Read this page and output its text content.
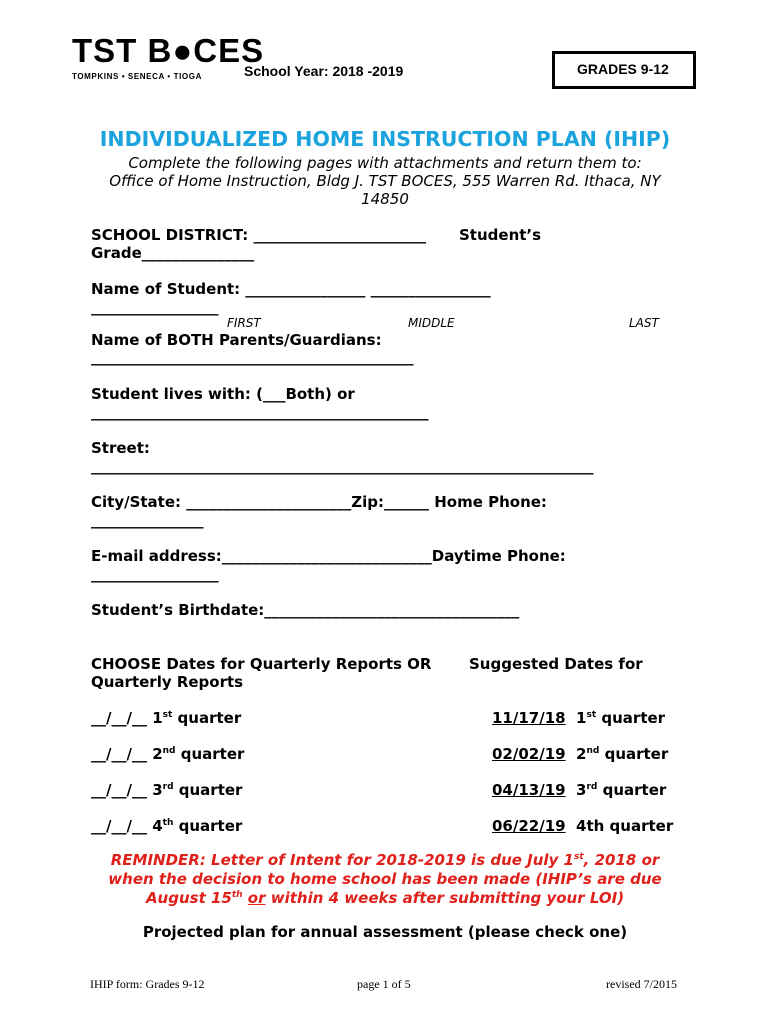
TST B●CES
TOMPKINS • SENECA • TIOGA	School Year: 2018 -2019	GRADES 9-12
INDIVIDUALIZED HOME INSTRUCTION PLAN (IHIP)
Complete the following pages with attachments and return them to:
Office of Home Instruction, Bldg J. TST BOCES, 555 Warren Rd. Ithaca, NY
14850
SCHOOL DISTRICT: _______________________ Student’s
Grade_______________
Name of Student: ________________ ________________
_________________
FIRST	MIDDLE	LAST
Name of BOTH Parents/Guardians:
___________________________________________
Student lives with: (___Both) or
_____________________________________________
Street:
___________________________________________________________________
City/State: ______________________Zip:______ Home Phone:
_______________
E-mail address:____________________________Daytime Phone:
_________________
Student’s Birthdate:__________________________________
CHOOSE Dates for Quarterly Reports OR
Quarterly Reports
Suggested Dates for
__/__/__ 1st quarter	11/17/18 1st quarter
__/__/__ 2nd quarter	02/02/19 2nd quarter
__/__/__ 3rd quarter	04/13/19 3rd quarter
__/__/__ 4th quarter	06/22/19 4th quarter
REMINDER: Letter of Intent for 2018-2019 is due July 1st, 2018 or
when the decision to home school has been made (IHIP’s are due
August 15th or within 4 weeks after submitting your LOI)
Projected plan for annual assessment (please check one)
IHIP form: Grades 9-12	page 1 of 5	revised 7/2015
